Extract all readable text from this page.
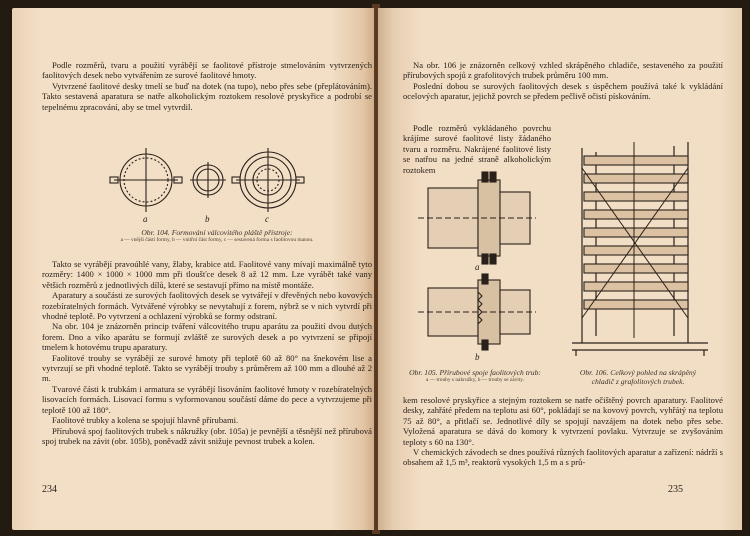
Podle rozměrů, tvaru a použití vyrábějí se faolitové přístroje stmelováním vytvrzených faolitových desek nebo vytvářením ze surové faolitové hmoty.

Vytvrzené faolitové desky tmelí se buď na dotek (na tupo), nebo přes sebe (přeplátováním). Takto sestavená aparatura se natře alkoholickým roztokem resolové pryskyřice a podrobí se tepelnému zpracování, aby se tmel vytvrdil.

a	b	c
Obr. 104. Formování válcovitého pláště přístroje:
a — vnější části formy, b — vnitřní část formy, c — sestavená forma s faolitovou manou.

Takto se vyrábějí pravoúhlé vany, žlaby, krabice atd. Faolitové vany mívají maximálně tyto rozměry: 1400 × 1000 × 1000 mm při tloušťce desek 8 až 12 mm. Lze vyrábět také vany většich rozměrů z jednotlivých dílů, které se sestavují přímo na místě montáže.

Aparatury a součásti ze surových faolitových desek se vytvářejí v dřevěných nebo kovových rozebíratelných formách. Vytvářené výrobky se nevytahují z forem, nýbrž se v nich vytvrdí při vhodné teplotě. Po vytvrzení a ochlazení výrobků se formy odstraní.

Na obr. 104 je znázorněn princip tváření válcovitého trupu aparátu za použití dvou dutých forem. Dno a víko aparátu se formují zvláště ze surových desek a po vytvrzení se připojí tmelem k hotovému trupu aparatury.

Faolitové trouby se vyrábějí ze surové hmoty při teplotě 60 až 80° na šnekovém lise a vytvrzují se při vhodné teplotě. Takto se vyrábějí trouby s průměrem až 100 mm a dlouhé až 2 m.

Tvarové části k trubkám i armatura se vyrábějí lisováním faolitové hmoty v rozebíratelných lisovacích formách. Lisovací formu s vyformovanou součástí dáme do pece a vytvrzujeme při teplotě 100 až 180°.

Faolitové trubky a kolena se spojují hlavně přírubami.

Přírubová spoj faolitových trubek s nákružky (obr. 105a) je pevnější a těsnější než přírubová spoj trubek na závit (obr. 105b), poněvadž závit snižuje pevnost trubek a kolen.

234

Na obr. 106 je znázorněn celkový vzhled skrápěného chladiče, sestaveného za použití přírubových spojů z grafolitových trubek průměru 100 mm.

Poslední dobou se surových faolitových desek s úspěchem používá také k vykládání ocelových aparatur, jejichž povrch se předem pečlivě očistí pískováním.

Podle rozměrů vykládaného povrchu krájíme surové faolitové listy žádaného tvaru a rozměru. Nakrájené faolitové listy se natřou na jedné straně alkoholickým roztokem

a
b
Obr. 105. Přírubové spoje faolitových trub:
a — trouby s nákružky, b — trouby se závity.
Obr. 106. Celkový pohled na skrápěný chladič z grafolitových trubek.

kem resolové pryskyřice a stejným roztokem se natře očištěný povrch aparatury. Faolitové desky, zahřáté předem na teplotu asi 60°, pokládají se na kovový povrch, vyhřátý na teplotu 75 až 80°, a přitlačí se. Jednotlivé díly se spojují navzájem na dotek nebo přes sebe. Vyložená aparatura se dává do komory k vytvrzení povlaku. Vytvrzuje se zvyšováním teploty s 60 na 130°.

V chemických závodech se dnes používá různých faolitových aparatur a zařízení: nádrží s obsahem až 1,5 m³, reaktorů vysokých 1,5 m a s prů-

235
